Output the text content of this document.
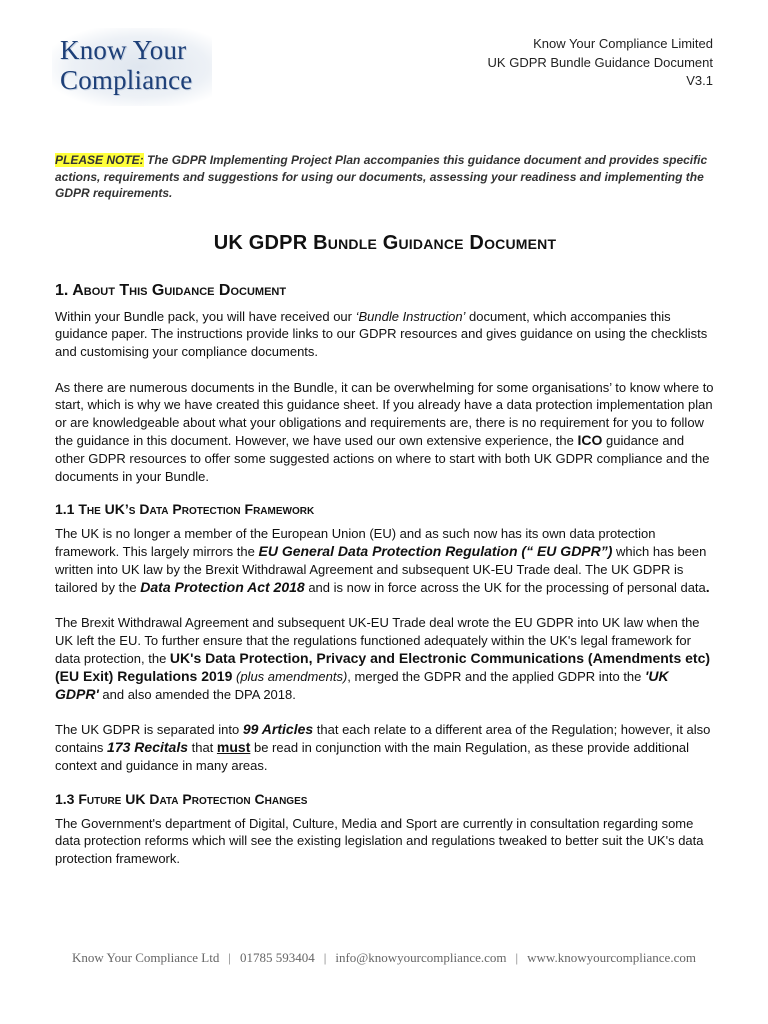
Know Your
Compliance
Know Your Compliance Limited
UK GDPR Bundle Guidance Document
V3.1

PLEASE NOTE: The GDPR Implementing Project Plan accompanies this guidance document and provides specific actions, requirements and suggestions for using our documents, assessing your readiness and implementing the GDPR requirements.

UK GDPR Bundle Guidance Document
1. About This Guidance Document

Within your Bundle pack, you will have received our ‘Bundle Instruction’ document, which accompanies this guidance paper. The instructions provide links to our GDPR resources and gives guidance on using the checklists and customising your compliance documents.

As there are numerous documents in the Bundle, it can be overwhelming for some organisations’ to know where to start, which is why we have created this guidance sheet. If you already have a data protection implementation plan or are knowledgeable about what your obligations and requirements are, there is no requirement for you to follow the guidance in this document. However, we have used our own extensive experience, the ICO guidance and other GDPR resources to offer some suggested actions on where to start with both UK GDPR compliance and the documents in your Bundle.

1.1 The UK’s Data Protection Framework

The UK is no longer a member of the European Union (EU) and as such now has its own data protection framework. This largely mirrors the EU General Data Protection Regulation (“ EU GDPR”) which has been written into UK law by the Brexit Withdrawal Agreement and subsequent UK-EU Trade deal. The UK GDPR is tailored by the Data Protection Act 2018 and is now in force across the UK for the processing of personal data.

The Brexit Withdrawal Agreement and subsequent UK-EU Trade deal wrote the EU GDPR into UK law when the UK left the EU. To further ensure that the regulations functioned adequately within the UK's legal framework for data protection, the UK's Data Protection, Privacy and Electronic Communications (Amendments etc) (EU Exit) Regulations 2019 (plus amendments), merged the GDPR and the applied GDPR into the 'UK GDPR' and also amended the DPA 2018.

The UK GDPR is separated into 99 Articles that each relate to a different area of the Regulation; however, it also contains 173 Recitals that must be read in conjunction with the main Regulation, as these provide additional context and guidance in many areas.

1.3 Future UK Data Protection Changes

The Government's department of Digital, Culture, Media and Sport are currently in consultation regarding some data protection reforms which will see the existing legislation and regulations tweaked to better suit the UK's data protection framework.

Know Your Compliance Ltd | 01785 593404 | info@knowyourcompliance.com | www.knowyourcompliance.com
